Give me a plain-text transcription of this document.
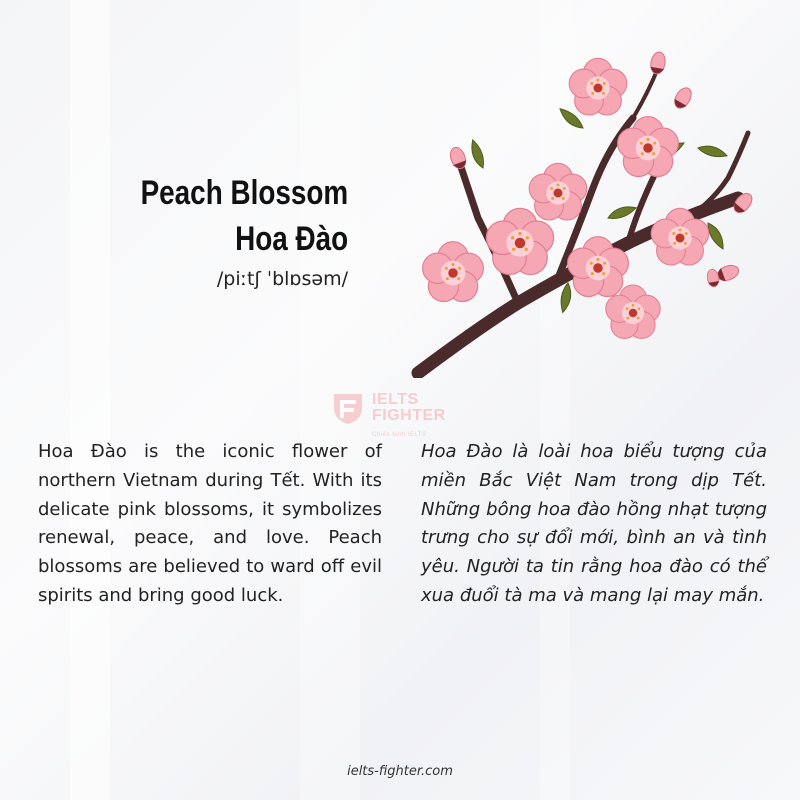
Peach Blossom
Hoa Đào
/piːtʃ ˈblɒsəm/
IELTS
FIGHTER
Chiến binh IELTS
Hoa Đào is the iconic flower of northern Vietnam during Tết. With its delicate pink blossoms, it symbolizes renewal, peace, and love. Peach blossoms are believed to ward off evil spirits and bring good luck.
Hoa Đào là loài hoa biểu tượng của miền Bắc Việt Nam trong dịp Tết. Những bông hoa đào hồng nhạt tượng trưng cho sự đổi mới, bình an và tình yêu. Người ta tin rằng hoa đào có thể xua đuổi tà ma và mang lại may mắn.
ielts-fighter.com
